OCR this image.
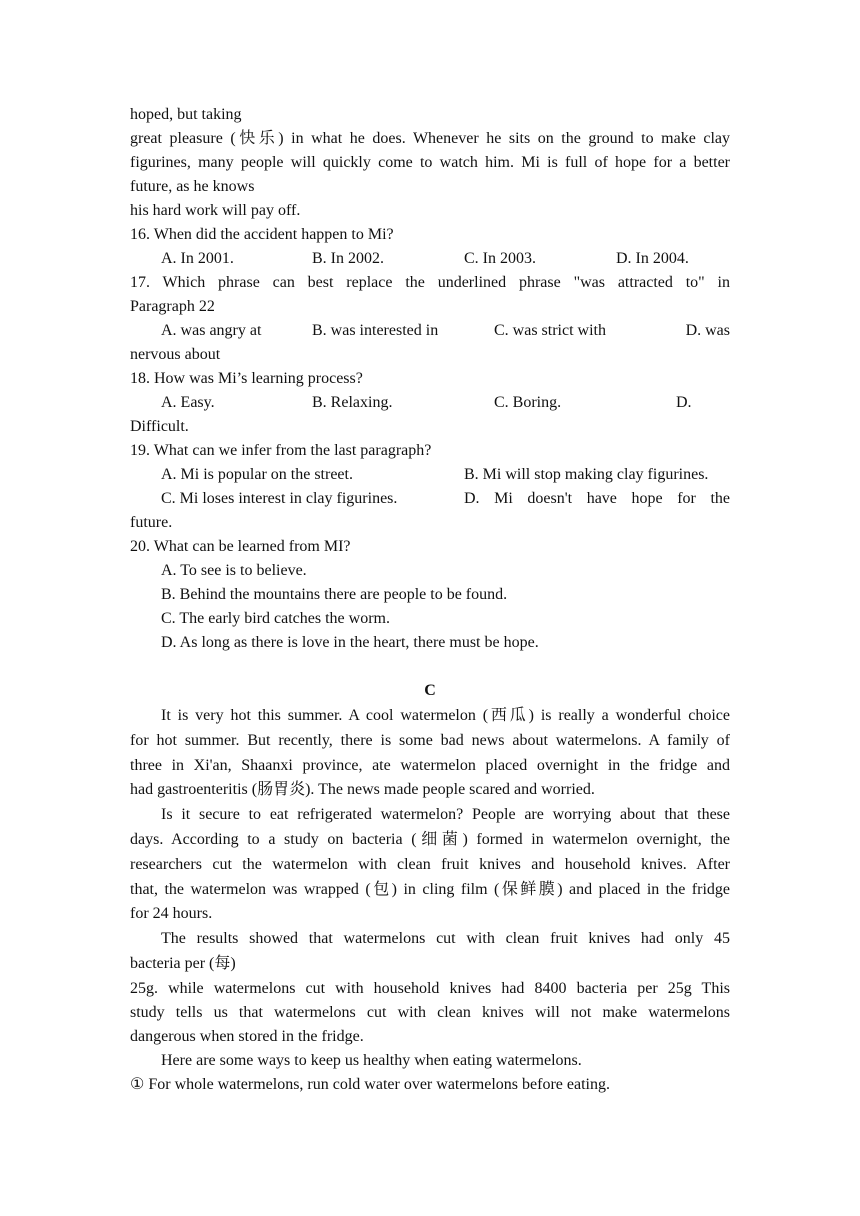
hoped, but taking
great pleasure (快乐) in what he does. Whenever he sits on the ground to make clay
figurines, many people will quickly come to watch him. Mi is full of hope for a better
future, as he knows
his hard work will pay off.
16. When did the accident happen to Mi?
A. In 2001.	B. In 2002.	C. In 2003.	D. In 2004.
17. Which phrase can best replace the underlined phrase "was attracted to" in
Paragraph 22
A. was angry at	B. was interested in	C. was strict with	D. was
nervous about
18. How was Mi’s learning process?
A. Easy.	B. Relaxing.	C. Boring.	D.
Difficult.
19. What can we infer from the last paragraph?
A. Mi is popular on the street.	B. Mi will stop making clay figurines.
C. Mi loses interest in clay figurines.	D. Mi doesn't have hope for the
future.
20. What can be learned from MI?
A. To see is to believe.
B. Behind the mountains there are people to be found.
C. The early bird catches the worm.
D. As long as there is love in the heart, there must be hope.
C
It is very hot this summer. A cool watermelon (西瓜) is really a wonderful choice
for hot summer. But recently, there is some bad news about watermelons. A family of
three in Xi'an, Shaanxi province, ate watermelon placed overnight in the fridge and
had gastroenteritis (肠胃炎). The news made people scared and worried.
Is it secure to eat refrigerated watermelon? People are worrying about that these
days. According to a study on bacteria (细菌) formed in watermelon overnight, the
researchers cut the watermelon with clean fruit knives and household knives. After
that, the watermelon was wrapped (包) in cling film (保鲜膜) and placed in the fridge
for 24 hours.
The results showed that watermelons cut with clean fruit knives had only 45
bacteria per (每)
25g. while watermelons cut with household knives had 8400 bacteria per 25g This
study tells us that watermelons cut with clean knives will not make watermelons
dangerous when stored in the fridge.
Here are some ways to keep us healthy when eating watermelons.
① For whole watermelons, run cold water over watermelons before eating.
